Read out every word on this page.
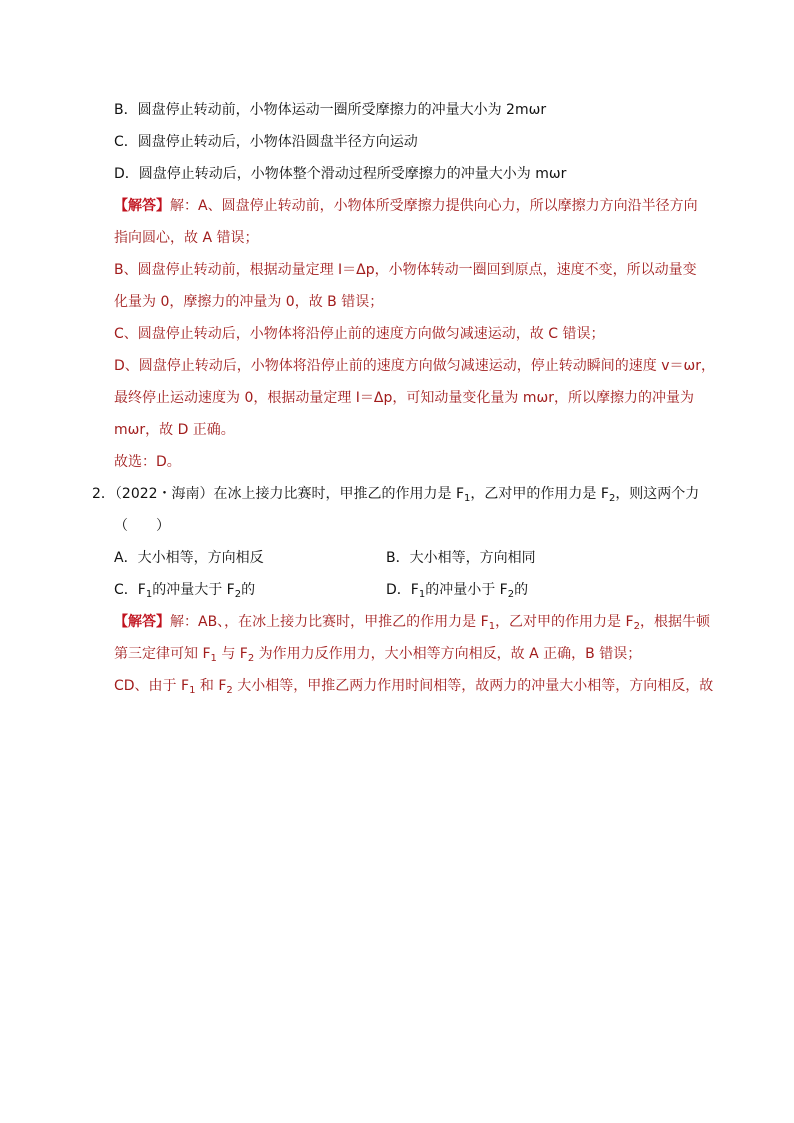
B．圆盘停止转动前，小物体运动一圈所受摩擦力的冲量大小为 2mωr
C．圆盘停止转动后，小物体沿圆盘半径方向运动
D．圆盘停止转动后，小物体整个滑动过程所受摩擦力的冲量大小为 mωr
【解答】解：A、圆盘停止转动前，小物体所受摩擦力提供向心力，所以摩擦力方向沿半径方向
指向圆心，故 A 错误；
B、圆盘停止转动前，根据动量定理 I＝Δp，小物体转动一圈回到原点，速度不变，所以动量变
化量为 0，摩擦力的冲量为 0，故 B 错误；
C、圆盘停止转动后，小物体将沿停止前的速度方向做匀减速运动，故 C 错误；
D、圆盘停止转动后，小物体将沿停止前的速度方向做匀减速运动，停止转动瞬间的速度 v＝ωr，
最终停止运动速度为 0，根据动量定理 I＝Δp，可知动量变化量为 mωr，所以摩擦力的冲量为
mωr，故 D 正确。
故选：D。
2．（2022・海南）在冰上接力比赛时，甲推乙的作用力是 $F_1$，乙对甲的作用力是 $F_2$，则这两个力
（　　）
A．大小相等，方向相反	B．大小相等，方向相同
C．$F_1$的冲量大于 $F_2$的	D．$F_1$的冲量小于 $F_2$的
【解答】解：AB、，在冰上接力比赛时，甲推乙的作用力是 $F_1$，乙对甲的作用力是 $F_2$，根据牛顿
第三定律可知 $F_1$ 与 $F_2$ 为作用力反作用力，大小相等方向相反，故 A 正确，B 错误；
CD、由于 $F_1$ 和 $F_2$ 大小相等，甲推乙两力作用时间相等，故两力的冲量大小相等，方向相反，故
